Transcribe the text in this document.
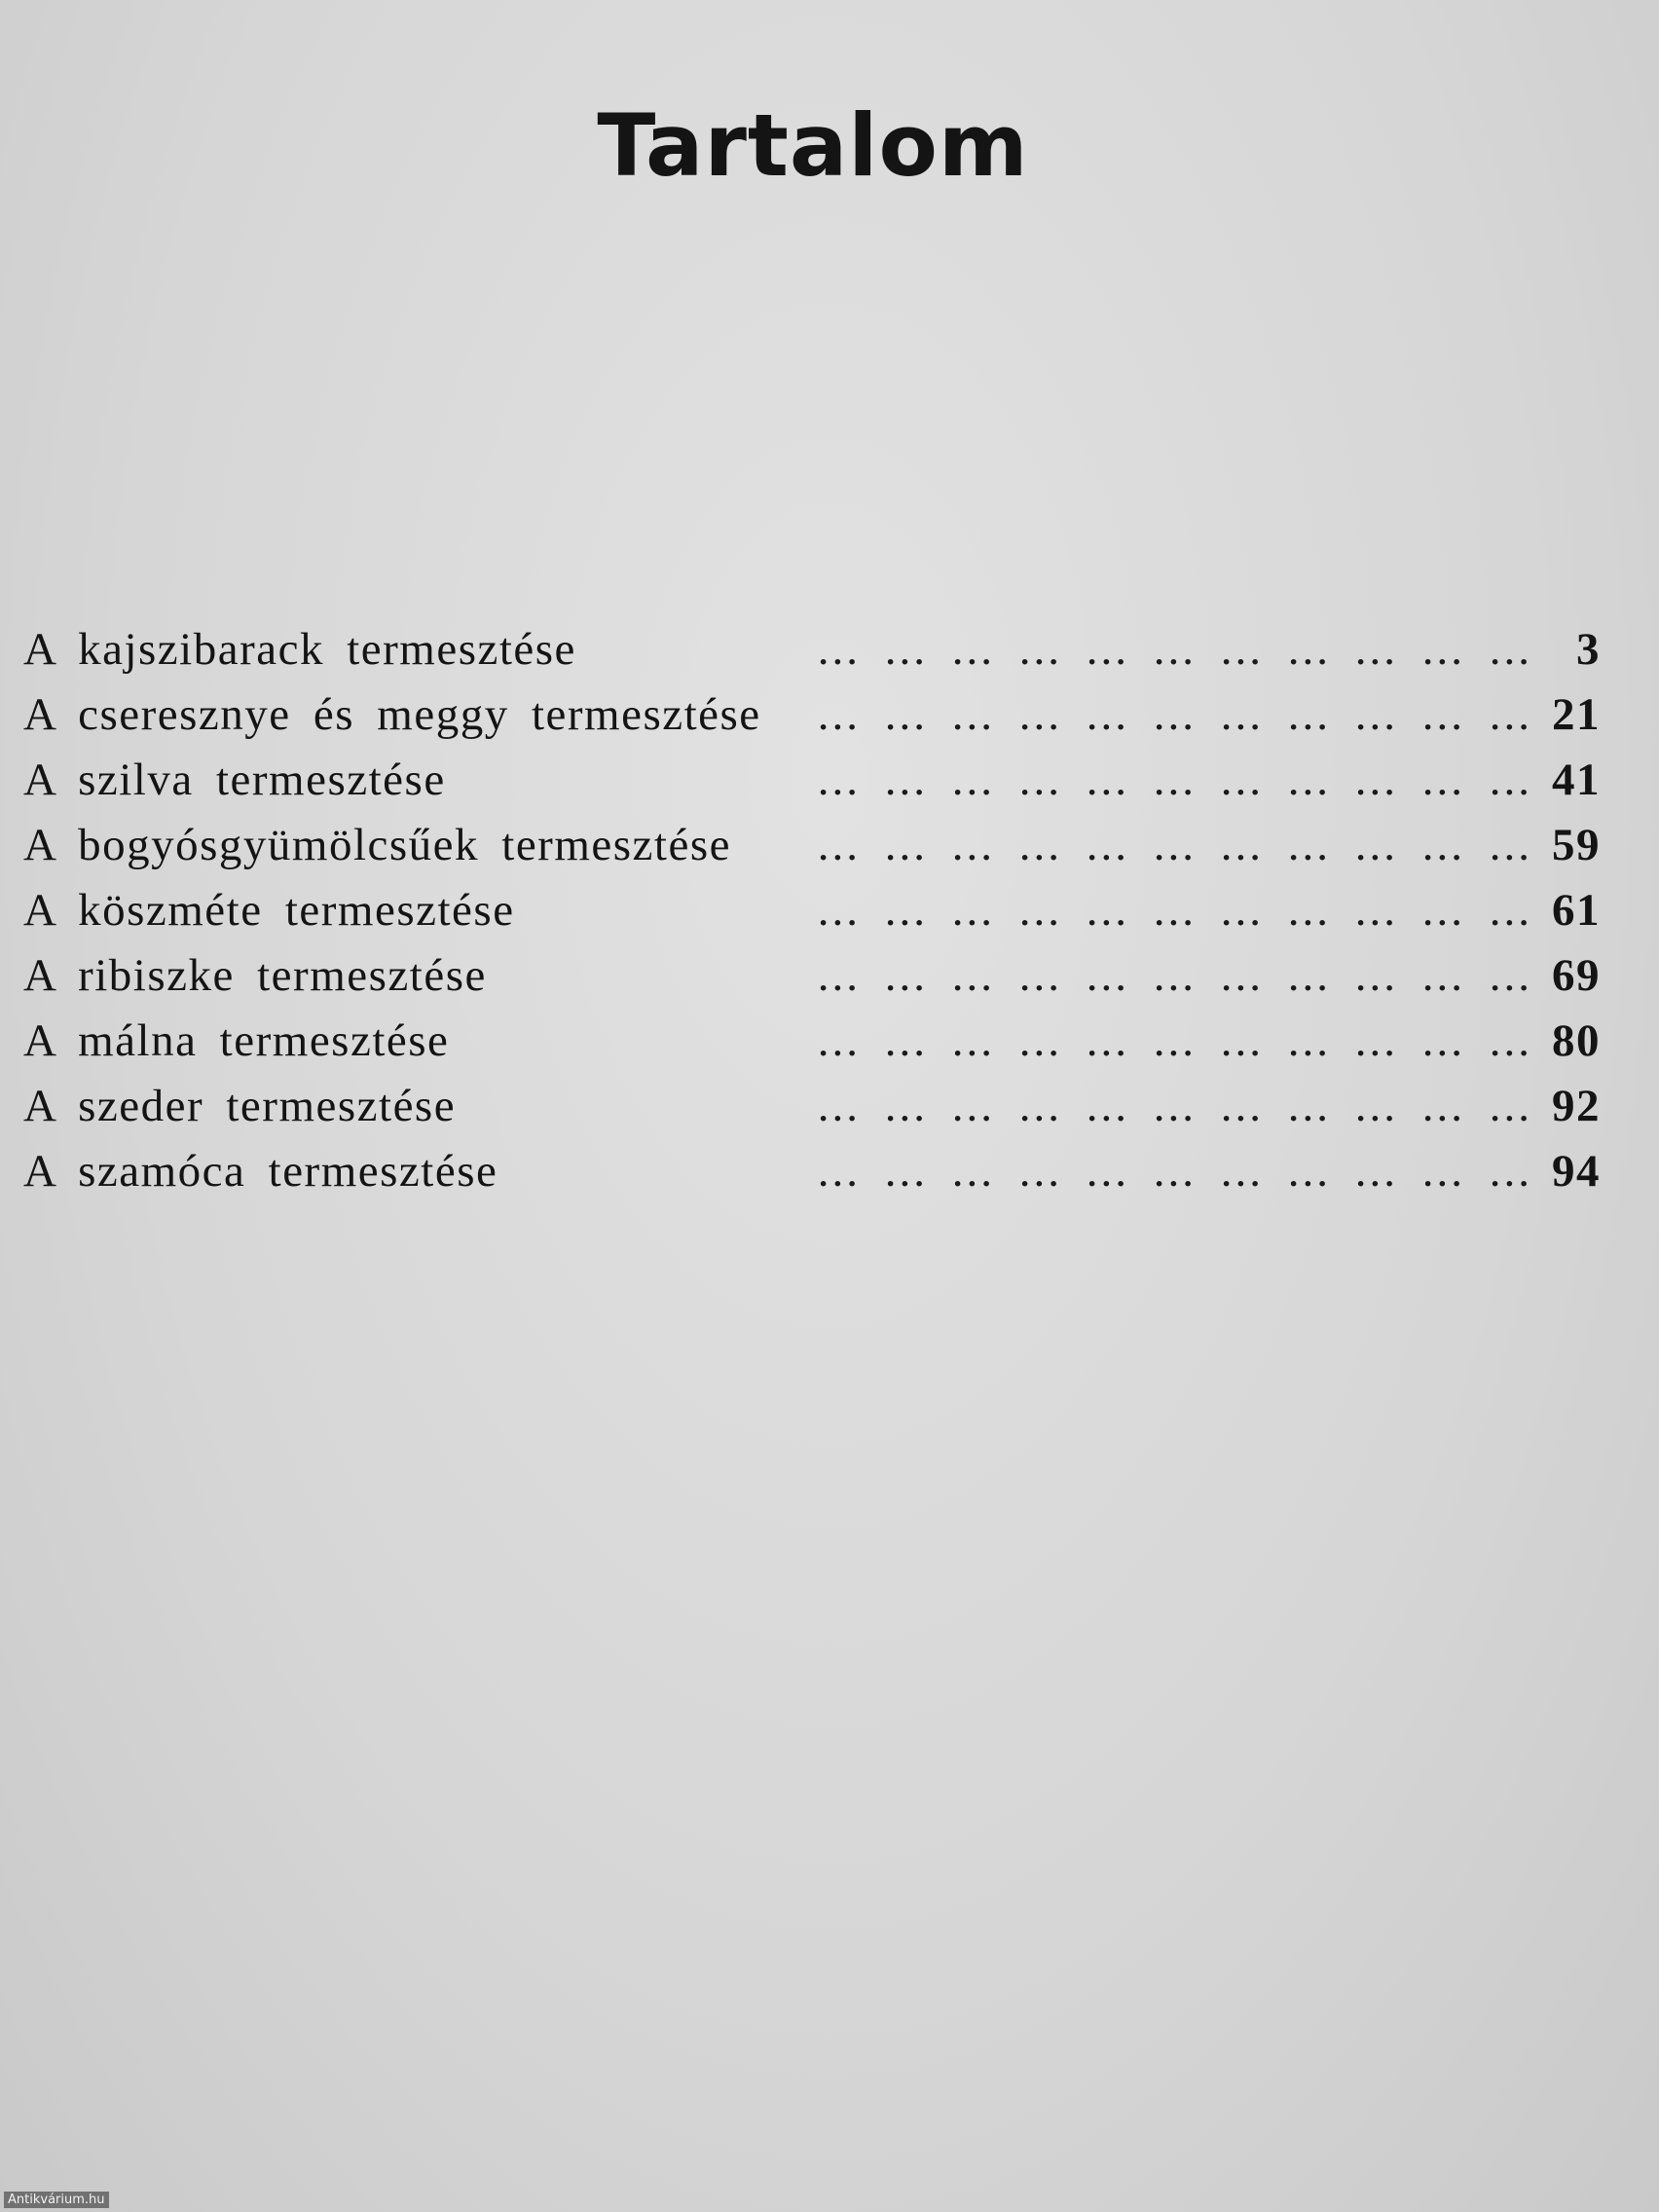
Tartalom
A kajszibarack termesztése	... ... ... ... ... ... ... ... ... ... ... 3
A cseresznye és meggy termesztése	... ... ... ... ... ... ... ... ... ... ... 21
A szilva termesztése	... ... ... ... ... ... ... ... ... ... ... 41
A bogyósgyümölcsűek termesztése	... ... ... ... ... ... ... ... ... ... ... 59
A köszméte termesztése	... ... ... ... ... ... ... ... ... ... ... 61
A ribiszke termesztése	... ... ... ... ... ... ... ... ... ... ... 69
A málna termesztése	... ... ... ... ... ... ... ... ... ... ... 80
A szeder termesztése	... ... ... ... ... ... ... ... ... ... ... 92
A szamóca termesztése	... ... ... ... ... ... ... ... ... ... ... 94
Antikvárium.hu
